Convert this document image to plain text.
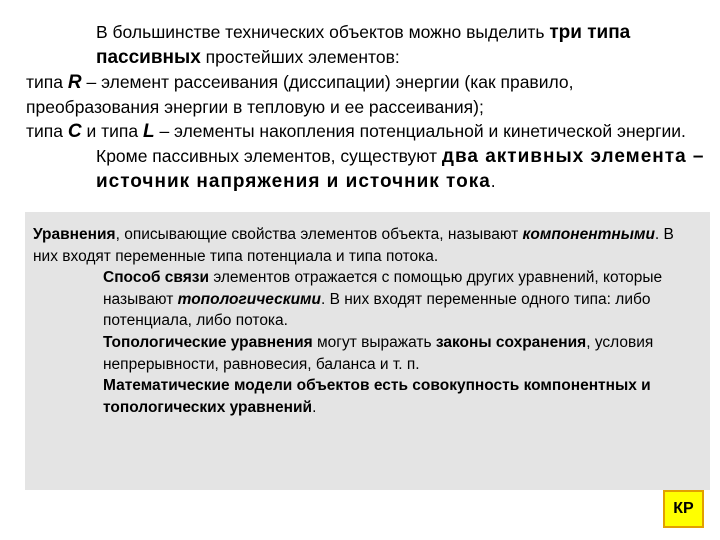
В большинстве технических объектов можно выделить три типа пассивных простейших элементов:

типа R – элемент рассеивания (диссипации) энергии (как правило, преобразования энергии в тепловую и ее рассеивания);

типа C и типа L – элементы накопления потенциальной и кинетической энергии.

Кроме пассивных элементов, существуют два активных элемента – источник напряжения и источник тока.

Уравнения, описывающие свойства элементов объекта, называют компонентными. В них входят переменные типа потенциала и типа потока.

Способ связи элементов отражается с помощью других уравнений, которые называют топологическими. В них входят переменные одного типа: либо потенциала, либо потока.

Топологические уравнения могут выражать законы сохранения, условия непрерывности, равновесия, баланса и т. п.

Математические модели объектов есть совокупность компонентных и топологических уравнений.

КР
